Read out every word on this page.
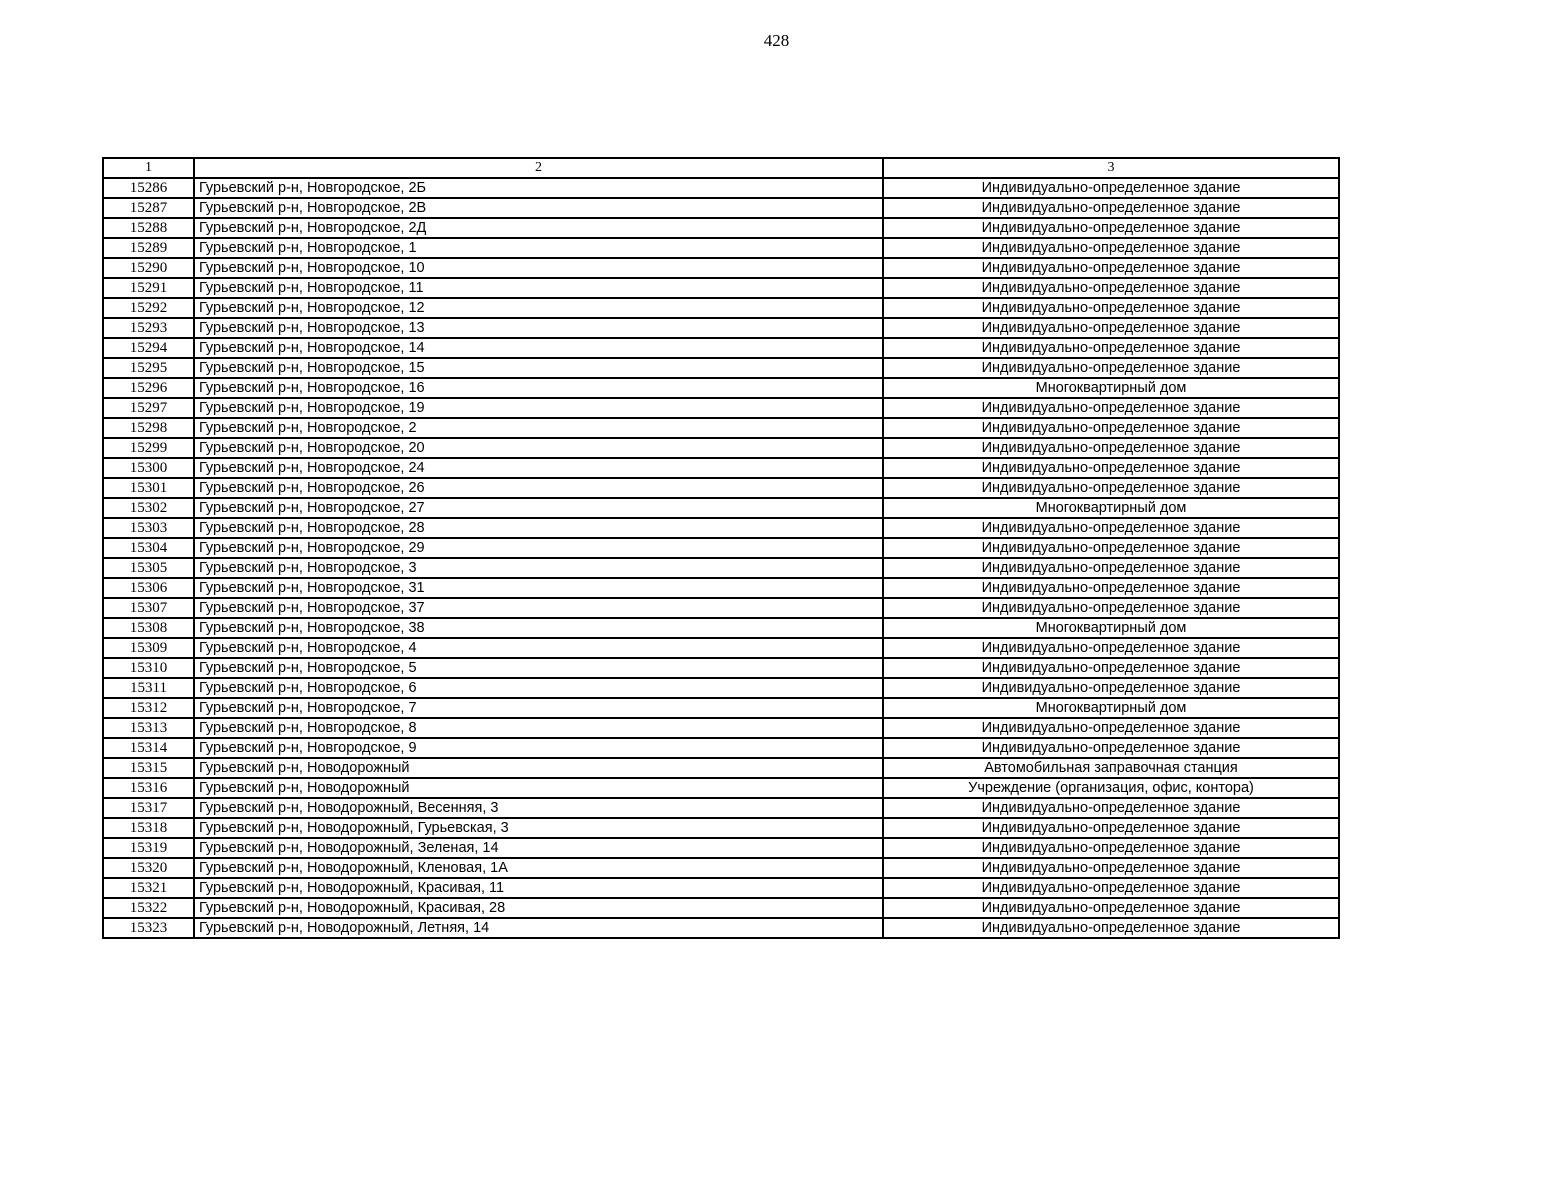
428
1	2	3
15286	Гурьевский р-н, Новгородское, 2Б	Индивидуально-определенное здание
15287	Гурьевский р-н, Новгородское, 2В	Индивидуально-определенное здание
15288	Гурьевский р-н, Новгородское, 2Д	Индивидуально-определенное здание
15289	Гурьевский р-н, Новгородское, 1	Индивидуально-определенное здание
15290	Гурьевский р-н, Новгородское, 10	Индивидуально-определенное здание
15291	Гурьевский р-н, Новгородское, 11	Индивидуально-определенное здание
15292	Гурьевский р-н, Новгородское, 12	Индивидуально-определенное здание
15293	Гурьевский р-н, Новгородское, 13	Индивидуально-определенное здание
15294	Гурьевский р-н, Новгородское, 14	Индивидуально-определенное здание
15295	Гурьевский р-н, Новгородское, 15	Индивидуально-определенное здание
15296	Гурьевский р-н, Новгородское, 16	Многоквартирный дом
15297	Гурьевский р-н, Новгородское, 19	Индивидуально-определенное здание
15298	Гурьевский р-н, Новгородское, 2	Индивидуально-определенное здание
15299	Гурьевский р-н, Новгородское, 20	Индивидуально-определенное здание
15300	Гурьевский р-н, Новгородское, 24	Индивидуально-определенное здание
15301	Гурьевский р-н, Новгородское, 26	Индивидуально-определенное здание
15302	Гурьевский р-н, Новгородское, 27	Многоквартирный дом
15303	Гурьевский р-н, Новгородское, 28	Индивидуально-определенное здание
15304	Гурьевский р-н, Новгородское, 29	Индивидуально-определенное здание
15305	Гурьевский р-н, Новгородское, 3	Индивидуально-определенное здание
15306	Гурьевский р-н, Новгородское, 31	Индивидуально-определенное здание
15307	Гурьевский р-н, Новгородское, 37	Индивидуально-определенное здание
15308	Гурьевский р-н, Новгородское, 38	Многоквартирный дом
15309	Гурьевский р-н, Новгородское, 4	Индивидуально-определенное здание
15310	Гурьевский р-н, Новгородское, 5	Индивидуально-определенное здание
15311	Гурьевский р-н, Новгородское, 6	Индивидуально-определенное здание
15312	Гурьевский р-н, Новгородское, 7	Многоквартирный дом
15313	Гурьевский р-н, Новгородское, 8	Индивидуально-определенное здание
15314	Гурьевский р-н, Новгородское, 9	Индивидуально-определенное здание
15315	Гурьевский р-н, Новодорожный	Автомобильная заправочная станция
15316	Гурьевский р-н, Новодорожный	Учреждение (организация, офис, контора)
15317	Гурьевский р-н, Новодорожный, Весенняя, 3	Индивидуально-определенное здание
15318	Гурьевский р-н, Новодорожный, Гурьевская, 3	Индивидуально-определенное здание
15319	Гурьевский р-н, Новодорожный, Зеленая, 14	Индивидуально-определенное здание
15320	Гурьевский р-н, Новодорожный, Кленовая, 1А	Индивидуально-определенное здание
15321	Гурьевский р-н, Новодорожный, Красивая, 11	Индивидуально-определенное здание
15322	Гурьевский р-н, Новодорожный, Красивая, 28	Индивидуально-определенное здание
15323	Гурьевский р-н, Новодорожный, Летняя, 14	Индивидуально-определенное здание
